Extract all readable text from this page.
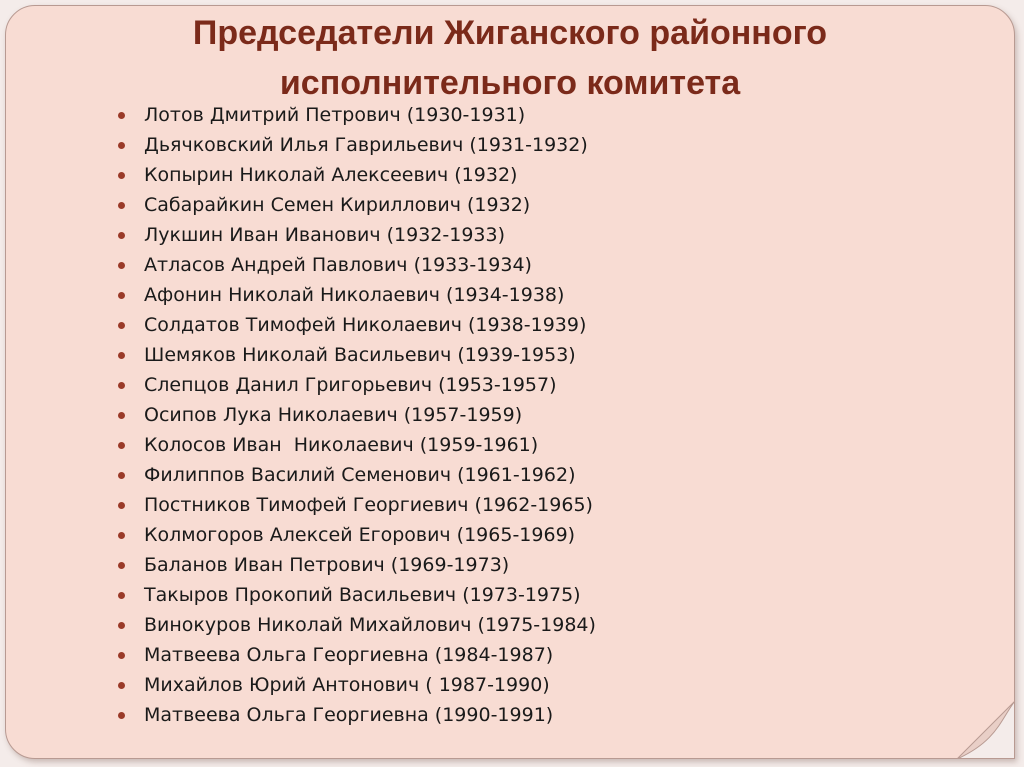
Председатели Жиганского районного
исполнительного комитета
Лотов Дмитрий Петрович (1930-1931)
Дьячковский Илья Гаврильевич (1931-1932)
Копырин Николай Алексеевич (1932)
Сабарайкин Семен Кириллович (1932)
Лукшин Иван Иванович (1932-1933)
Атласов Андрей Павлович (1933-1934)
Афонин Николай Николаевич (1934-1938)
Солдатов Тимофей Николаевич (1938-1939)
Шемяков Николай Васильевич (1939-1953)
Слепцов Данил Григорьевич (1953-1957)
Осипов Лука Николаевич (1957-1959)
Колосов Иван  Николаевич (1959-1961)
Филиппов Василий Семенович (1961-1962)
Постников Тимофей Георгиевич (1962-1965)
Колмогоров Алексей Егорович (1965-1969)
Баланов Иван Петрович (1969-1973)
Такыров Прокопий Васильевич (1973-1975)
Винокуров Николай Михайлович (1975-1984)
Матвеева Ольга Георгиевна (1984-1987)
Михайлов Юрий Антонович ( 1987-1990)
Матвеева Ольга Георгиевна (1990-1991)
